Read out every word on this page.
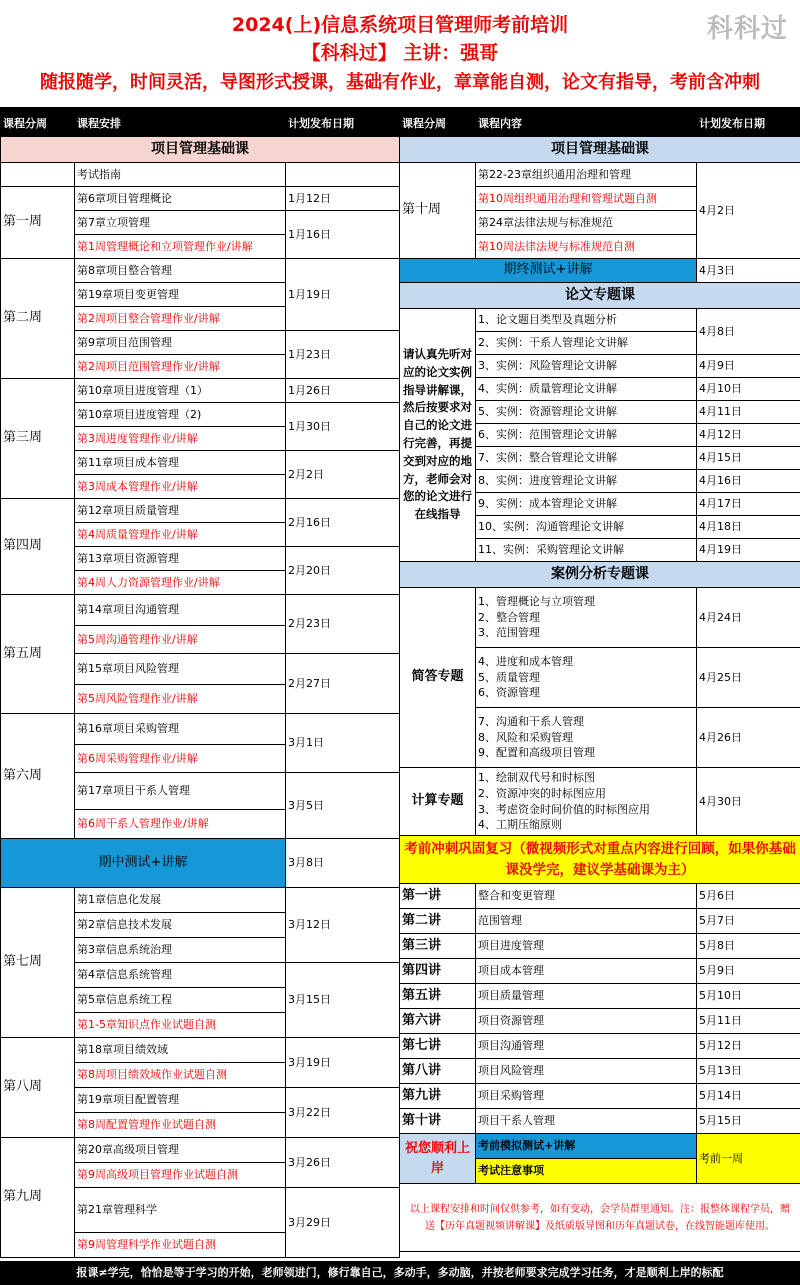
2024(上)信息系统项目管理师考前培训
【科科过】 主讲：强哥
随报随学，时间灵活，导图形式授课，基础有作业，章章能自测，论文有指导，考前含冲刺
科科过
课程分周	课程安排	计划发布日期
项目管理基础课		
	考试指南	
第一周	第6章项目管理概论	1月12日
	第7章立项管理	1月16日
	第1周管理概论和立项管理作业/讲解	
第二周	第8章项目整合管理	1月19日
	第19章项目变更管理	
	第2周项目整合管理作业/讲解	
	第9章项目范围管理	1月23日
	第2周项目范围管理作业/讲解	
第三周	第10章项目进度管理（1）	1月26日
	第10章项目进度管理（2)	1月30日
	第3周进度管理作业/讲解	
	第11章项目成本管理	2月2日
	第3周成本管理作业/讲解	
第四周	第12章项目质量管理	2月16日
	第4周质量管理作业/讲解	
	第13章项目资源管理	2月20日
	第4周人力资源管理作业/讲解	
第五周	第14章项目沟通管理	2月23日
	第5周沟通管理作业/讲解	
	第15章项目风险管理	2月27日
	第5周风险管理作业/讲解	
第六周	第16章项目采购管理	3月1日
	第6周采购管理作业/讲解	
	第17章项目干系人管理	3月5日
	第6周干系人管理作业/讲解	
期中测试+讲解		3月8日
第七周	第1章信息化发展	3月12日
	第2章信息技术发展	
	第3章信息系统治理	
	第4章信息系统管理	3月15日
	第5章信息系统工程	
	第1-5章知识点作业试题自测	
第八周	第18章项目绩效域	3月19日
	第8周项目绩效域作业试题自测	
	第19章项目配置管理	3月22日
	第8周配置管理作业试题自测	
第九周	第20章高级项目管理	3月26日
	第9周高级项目管理作业试题自测	
	第21章管理科学	3月29日
	第9周管理科学作业试题自测	
课程分周	课程内容	计划发布日期
项目管理基础课		
第十周	第22-23章组织通用治理和管理	4月2日
	第10周组织通用治理和管理试题自测	
	第24章法律法规与标准规范	
	第10周法律法规与标准规范自测	
期终测试+讲解		4月3日
论文专题课		
请认真先听对应的论文实例指导讲解课，然后按要求对自己的论文进行完善，再提交到对应的地方，老师会对您的论文进行在线指导	1、论文题目类型及真题分析	4月8日
	2、实例：干系人管理论文讲解	
	3、实例：风险管理论文讲解	4月9日
	4、实例：质量管理论文讲解	4月10日
	5、实例：资源管理论文讲解	4月11日
	6、实例：范围管理论文讲解	4月12日
	7、实例：整合管理论文讲解	4月15日
	8、实例：进度管理论文讲解	4月16日
	9、实例：成本管理论文讲解	4月17日
	10、实例：沟通管理论文讲解	4月18日
	11、实例：采购管理论文讲解	4月19日
案例分析专题课		
简答专题	1、管理概论与立项管理
2、整合管理
3、范围管理	4月24日
	4、进度和成本管理
5、质量管理
6、资源管理	4月25日
	7、沟通和干系人管理
8、风险和采购管理
9、配置和高级项目管理	4月26日
计算专题	1、绘制双代号和时标图
2、资源冲突的时标图应用
3、考虑资金时间价值的时标图应用
4、工期压缩原则	4月30日
考前冲刺巩固复习（微视频形式对重点内容进行回顾，如果你基础课没学完，建议学基础课为主）		
第一讲	整合和变更管理	5月6日
第二讲	范围管理	5月7日
第三讲	项目进度管理	5月8日
第四讲	项目成本管理	5月9日
第五讲	项目质量管理	5月10日
第六讲	项目资源管理	5月11日
第七讲	项目沟通管理	5月12日
第八讲	项目风险管理	5月13日
第九讲	项目采购管理	5月14日
第十讲	项目干系人管理	5月15日
祝您顺利上岸	考前模拟测试+讲解	考前一周
	考试注意事项	
以上课程安排和时间仅供参考，如有变动，会学员群里通知。注：报整体课程学员，赠送【历年真题视频讲解课】及纸质版导图和历年真题试卷，在线智能题库使用。		
报课≠学完，恰恰是等于学习的开始，老师领进门，修行靠自己，多动手，多动脑，并按老师要求完成学习任务，才是顺利上岸的标配
